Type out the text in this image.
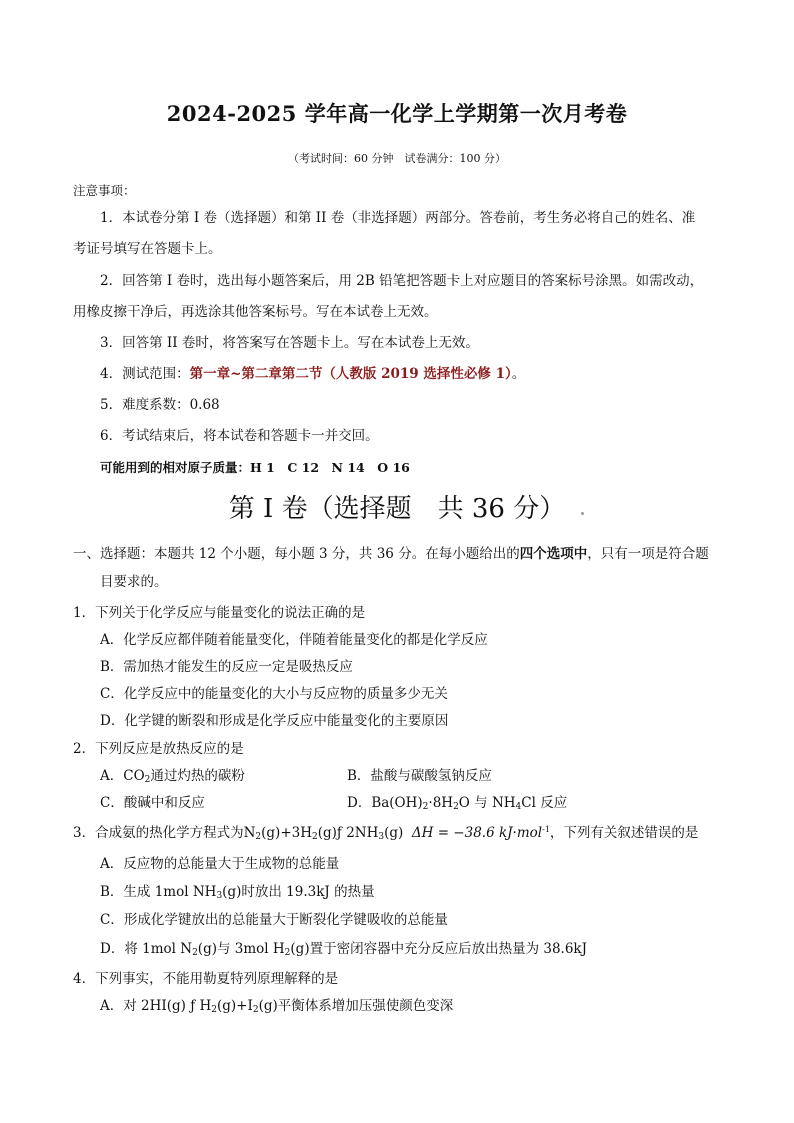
2024-2025 学年高一化学上学期第一次月考卷
（考试时间：60 分钟　试卷满分：100 分）
注意事项：
1．本试卷分第 I 卷（选择题）和第 II 卷（非选择题）两部分。答卷前，考生务必将自己的姓名、准
考证号填写在答题卡上。
2．回答第 I 卷时，选出每小题答案后，用 2B 铅笔把答题卡上对应题目的答案标号涂黑。如需改动，
用橡皮擦干净后，再选涂其他答案标号。写在本试卷上无效。
3．回答第 II 卷时，将答案写在答题卡上。写在本试卷上无效。
4．测试范围：第一章~第二章第二节（人教版 2019 选择性必修 1）。
5．难度系数：0.68
6．考试结束后，将本试卷和答题卡一并交回。
可能用到的相对原子质量：H 1　C 12　N 14　O 16
第 I 卷（选择题　共 36 分）
一、选择题：本题共 12 个小题，每小题 3 分，共 36 分。在每小题给出的四个选项中，只有一项是符合题
目要求的。
1．下列关于化学反应与能量变化的说法正确的是
A．化学反应都伴随着能量变化，伴随着能量变化的都是化学反应
B．需加热才能发生的反应一定是吸热反应
C．化学反应中的能量变化的大小与反应物的质量多少无关
D．化学键的断裂和形成是化学反应中能量变化的主要原因
2．下列反应是放热反应的是
A．$CO_2$通过灼热的碳粉	B．盐酸与碳酸氢钠反应
C．酸碱中和反应	D．$Ba(OH)_2\cdot 8H_2O$ 与 $NH_4Cl$ 反应
3．合成氨的热化学方程式为$N_2(g)+3H_2(g)ƒ$ $2NH_3(g) \Delta H = -38.6$ kJ·mol$^{-1}$，下列有关叙述错误的是
A．反应物的总能量大于生成物的总能量
B．生成 1mol $NH_3(g)$时放出 19.3kJ 的热量
C．形成化学键放出的总能量大于断裂化学键吸收的总能量
D．将 1mol $N_2(g)$与 3mol $H_2(g)$置于密闭容器中充分反应后放出热量为 38.6kJ
4．下列事实，不能用勒夏特列原理解释的是
A．对 2HI(g) ƒ $H_2(g)+I_2(g)$平衡体系增加压强使颜色变深
